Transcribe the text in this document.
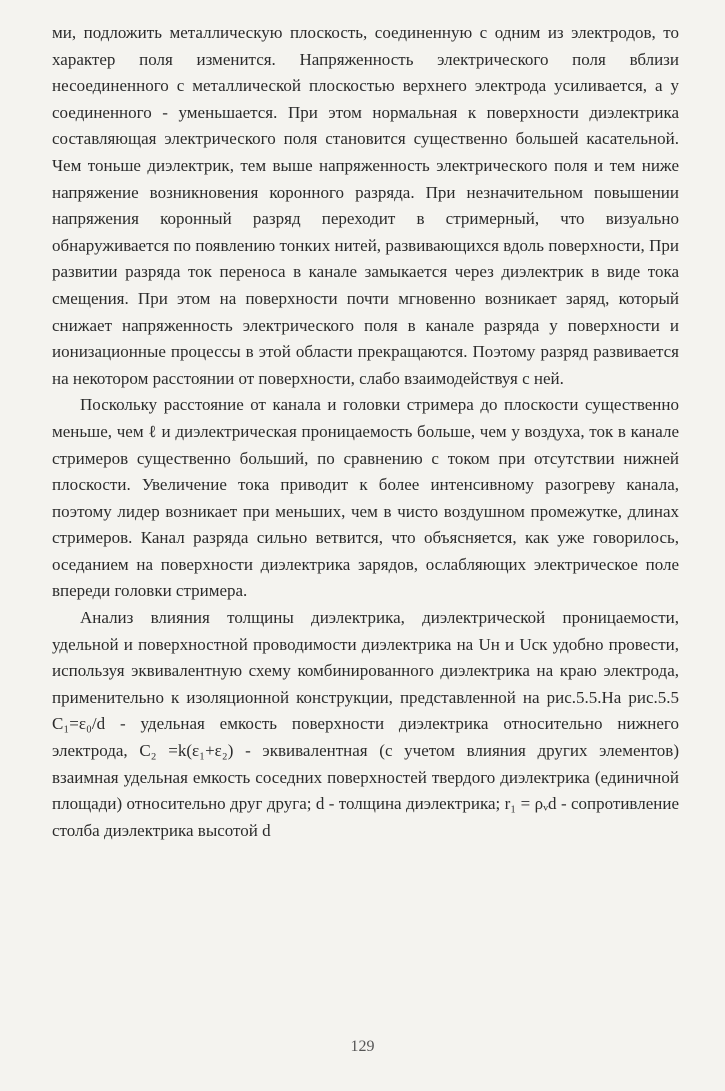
ми, подложить металлическую плоскость, соединенную с одним из электродов, то характер поля изменится. Напряженность электрического поля вблизи несоединенного с металлической плоскостью верхнего электрода усиливается, а у соединенного - уменьшается. При этом нормальная к поверхности диэлектрика составляющая электрического поля становится существенно большей касательной. Чем тоньше диэлектрик, тем выше напряженность электрического поля и тем ниже напряжение возникновения коронного разряда. При незначительном повышении напряжения коронный разряд переходит в стримерный, что визуально обнаруживается по появлению тонких нитей, развивающихся вдоль поверхности, При развитии разряда ток переноса в канале замыкается через диэлектрик в виде тока смещения. При этом на поверхности почти мгновенно возникает заряд, который снижает напряженность электрического поля в канале разряда у поверхности и ионизационные процессы в этой области прекращаются. Поэтому разряд развивается на некотором расстоянии от поверхности, слабо взаимодействуя с ней.

Поскольку расстояние от канала и головки стримера до плоскости существенно меньше, чем ℓ и диэлектрическая проницаемость больше, чем у воздуха, ток в канале стримеров существенно больший, по сравнению с током при отсутствии нижней плоскости. Увеличение тока приводит к более интенсивному разогреву канала, поэтому лидер возникает при меньших, чем в чисто воздушном промежутке, длинах стримеров. Канал разряда сильно ветвится, что объясняется, как уже говорилось, оседанием на поверхности диэлектрика зарядов, ослабляющих электрическое поле впереди головки стримера.

Анализ влияния толщины диэлектрика, диэлектрической проницаемости, удельной и поверхностной проводимости диэлектрика на Uн и Uск удобно провести, используя эквивалентную схему комбинированного диэлектрика на краю электрода, применительно к изоляционной конструкции, представленной на рис.5.5.На рис.5.5 C₁=ε₀/d - удельная емкость поверхности диэлектрика относительно нижнего электрода, C₂ =k(ε₁+ε₂) - эквивалентная (с учетом влияния других элементов) взаимная удельная емкость соседних поверхностей твердого диэлектрика (единичной площади) относительно друг друга; d - толщина диэлектрика; r₁ = ρᵥd - сопротивление столба диэлектрика высотой d

129
